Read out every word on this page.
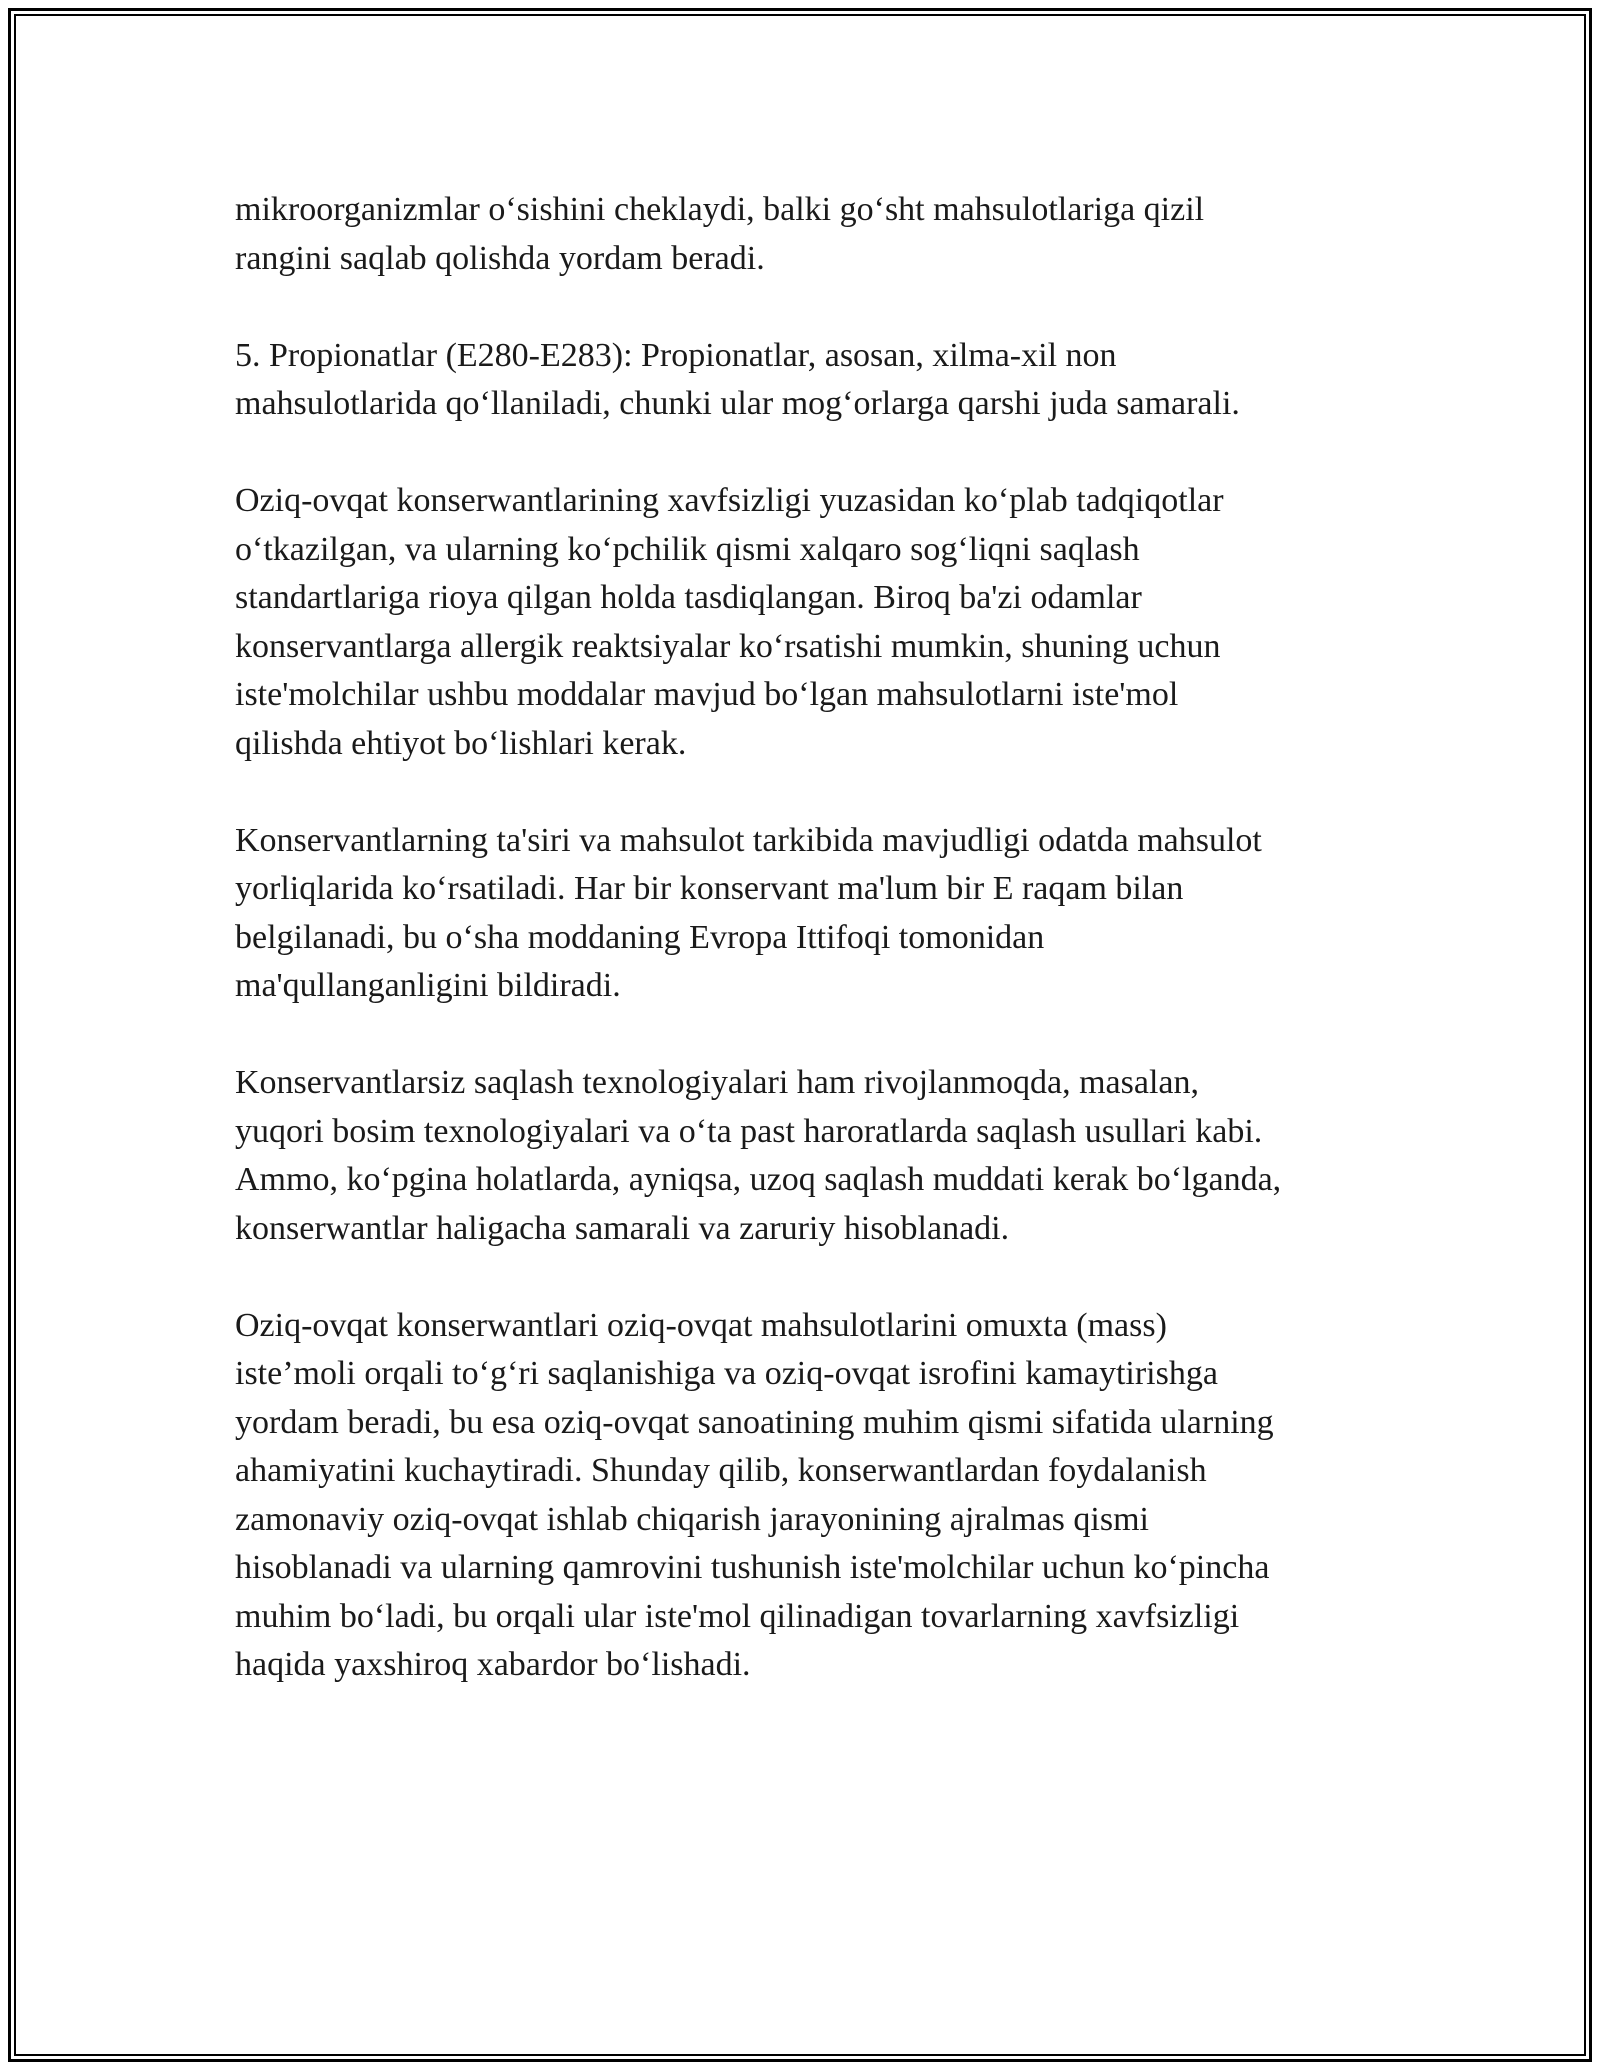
mikroorganizmlar o‘sishini cheklaydi, balki go‘sht mahsulotlariga qizil
rangini saqlab qolishda yordam beradi.

5. Propionatlar (E280-E283): Propionatlar, asosan, xilma-xil non
mahsulotlarida qo‘llaniladi, chunki ular mog‘orlarga qarshi juda samarali.

Oziq-ovqat konserwantlarining xavfsizligi yuzasidan ko‘plab tadqiqotlar
o‘tkazilgan, va ularning ko‘pchilik qismi xalqaro sog‘liqni saqlash
standartlariga rioya qilgan holda tasdiqlangan. Biroq ba'zi odamlar
konservantlarga allergik reaktsiyalar ko‘rsatishi mumkin, shuning uchun
iste'molchilar ushbu moddalar mavjud bo‘lgan mahsulotlarni iste'mol
qilishda ehtiyot bo‘lishlari kerak.

Konservantlarning ta'siri va mahsulot tarkibida mavjudligi odatda mahsulot
yorliqlarida ko‘rsatiladi. Har bir konservant ma'lum bir E raqam bilan
belgilanadi, bu o‘sha moddaning Evropa Ittifoqi tomonidan
ma'qullanganligini bildiradi.

Konservantlarsiz saqlash texnologiyalari ham rivojlanmoqda, masalan,
yuqori bosim texnologiyalari va o‘ta past haroratlarda saqlash usullari kabi.
Ammo, ko‘pgina holatlarda, ayniqsa, uzoq saqlash muddati kerak bo‘lganda,
konserwantlar haligacha samarali va zaruriy hisoblanadi.

Oziq-ovqat konserwantlari oziq-ovqat mahsulotlarini omuxta (mass)
iste’moli orqali to‘g‘ri saqlanishiga va oziq-ovqat isrofini kamaytirishga
yordam beradi, bu esa oziq-ovqat sanoatining muhim qismi sifatida ularning
ahamiyatini kuchaytiradi. Shunday qilib, konserwantlardan foydalanish
zamonaviy oziq-ovqat ishlab chiqarish jarayonining ajralmas qismi
hisoblanadi va ularning qamrovini tushunish iste'molchilar uchun ko‘pincha
muhim bo‘ladi, bu orqali ular iste'mol qilinadigan tovarlarning xavfsizligi
haqida yaxshiroq xabardor bo‘lishadi.
